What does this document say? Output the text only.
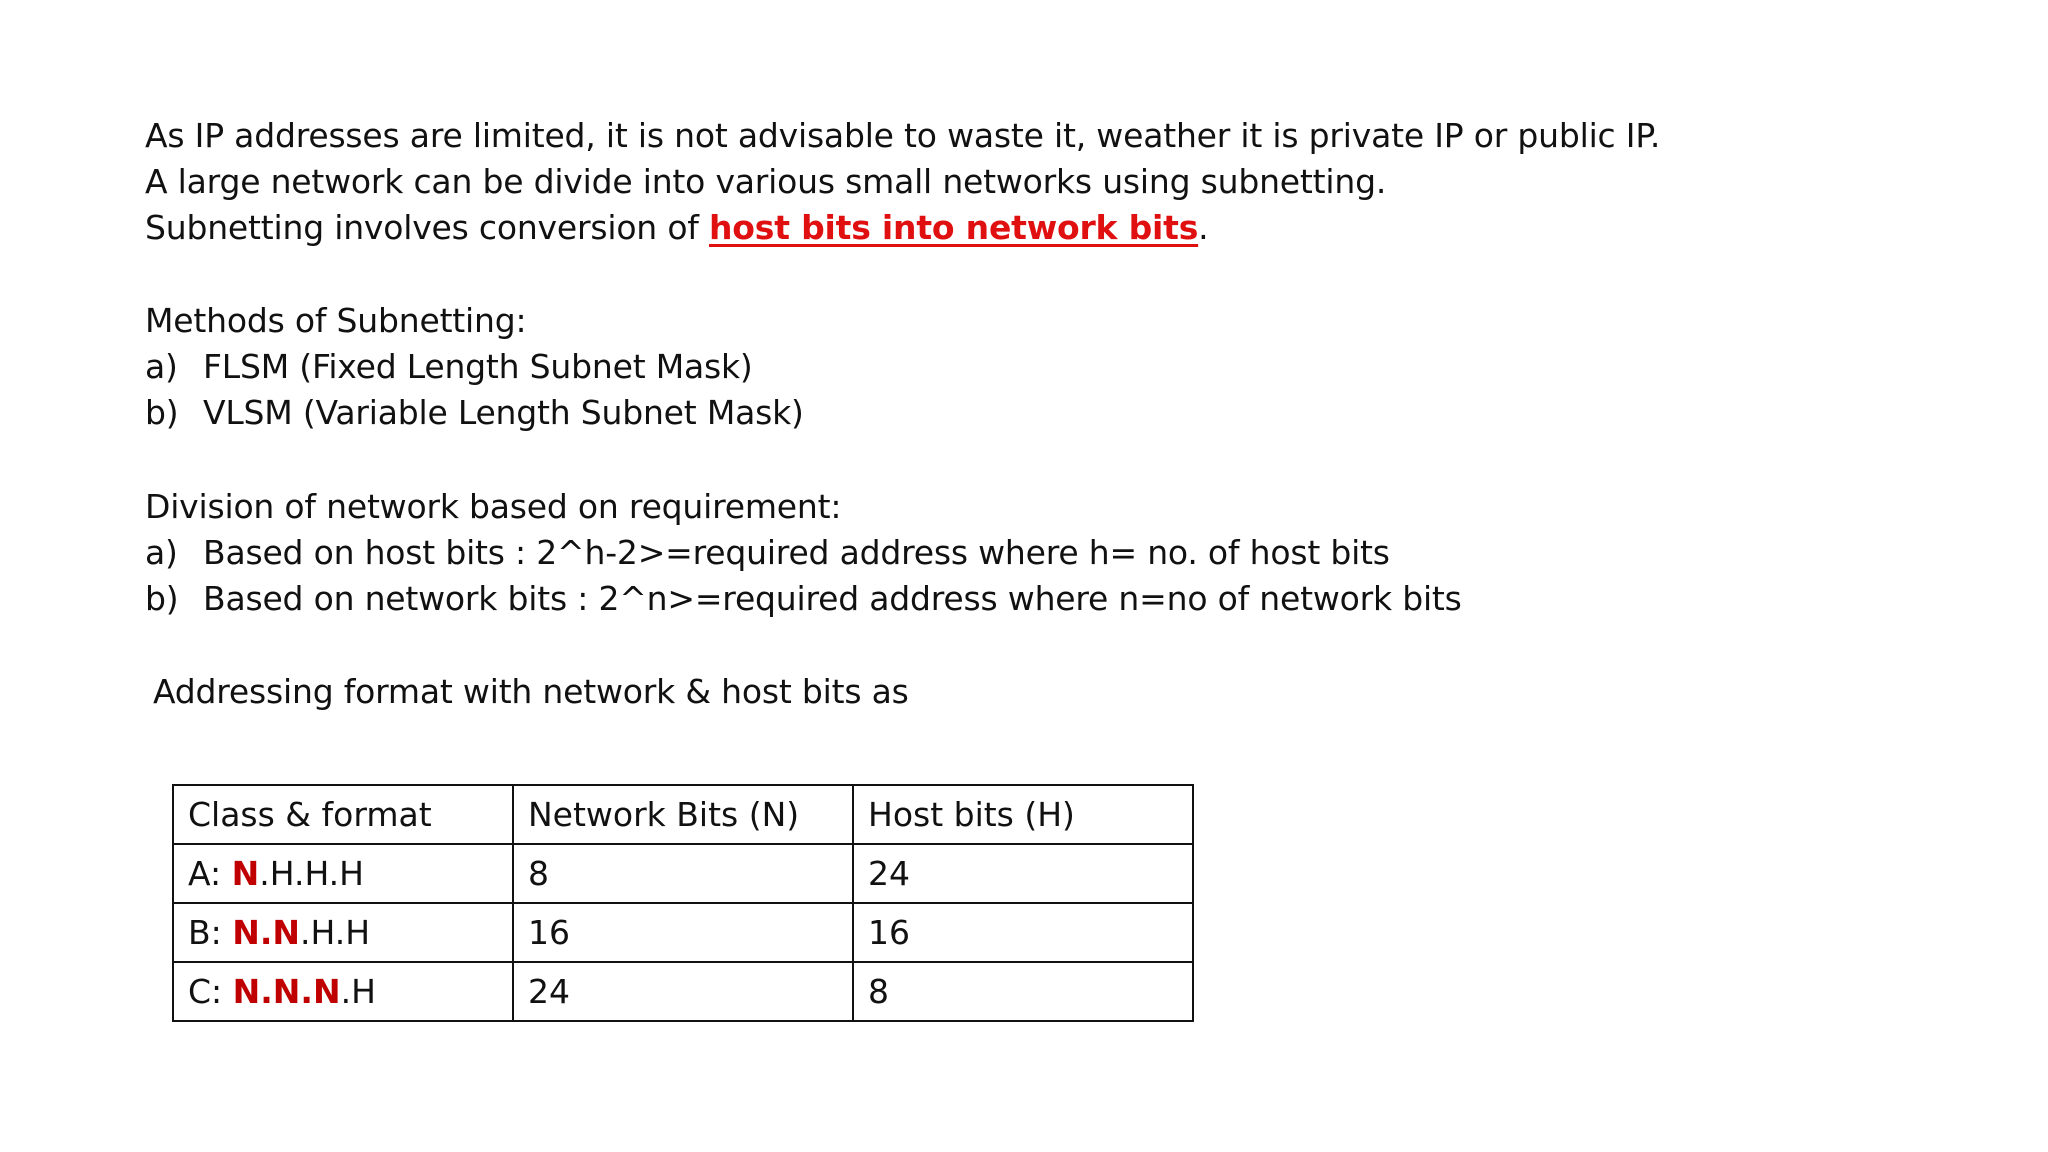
As IP addresses are limited, it is not advisable to waste it, weather it is private IP or public IP.
A large network can be divide into various small networks using subnetting.
Subnetting involves conversion of host bits into network bits.
Methods of Subnetting:
a) FLSM (Fixed Length Subnet Mask)
b) VLSM (Variable Length Subnet Mask)
Division of network based on requirement:
a) Based on host bits : 2^h-2>=required address where h= no. of host bits
b) Based on network bits : 2^n>=required address where n=no of network bits
Addressing format with network & host bits as
Class & format	Network Bits (N)	Host bits (H)
A: N.H.H.H	8	24
B: N.N.H.H	16	16
C: N.N.N.H	24	8
